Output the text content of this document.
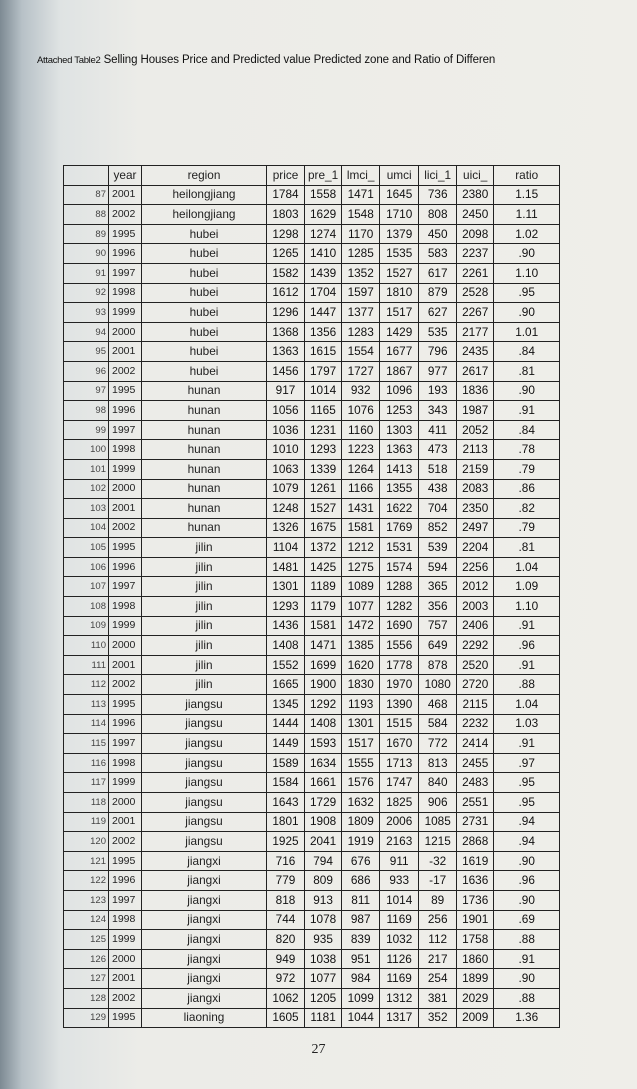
Attached Table2 Selling Houses Price and Predicted value Predicted zone and Ratio of Differen
	year	region	price	pre_1	lmci_	umci	lici_1	uici_	ratio
87	2001	heilongjiang	1784	1558	1471	1645	736	2380	1.15
88	2002	heilongjiang	1803	1629	1548	1710	808	2450	1.11
89	1995	hubei	1298	1274	1170	1379	450	2098	1.02
90	1996	hubei	1265	1410	1285	1535	583	2237	.90
91	1997	hubei	1582	1439	1352	1527	617	2261	1.10
92	1998	hubei	1612	1704	1597	1810	879	2528	.95
93	1999	hubei	1296	1447	1377	1517	627	2267	.90
94	2000	hubei	1368	1356	1283	1429	535	2177	1.01
95	2001	hubei	1363	1615	1554	1677	796	2435	.84
96	2002	hubei	1456	1797	1727	1867	977	2617	.81
97	1995	hunan	917	1014	932	1096	193	1836	.90
98	1996	hunan	1056	1165	1076	1253	343	1987	.91
99	1997	hunan	1036	1231	1160	1303	411	2052	.84
100	1998	hunan	1010	1293	1223	1363	473	2113	.78
101	1999	hunan	1063	1339	1264	1413	518	2159	.79
102	2000	hunan	1079	1261	1166	1355	438	2083	.86
103	2001	hunan	1248	1527	1431	1622	704	2350	.82
104	2002	hunan	1326	1675	1581	1769	852	2497	.79
105	1995	jilin	1104	1372	1212	1531	539	2204	.81
106	1996	jilin	1481	1425	1275	1574	594	2256	1.04
107	1997	jilin	1301	1189	1089	1288	365	2012	1.09
108	1998	jilin	1293	1179	1077	1282	356	2003	1.10
109	1999	jilin	1436	1581	1472	1690	757	2406	.91
110	2000	jilin	1408	1471	1385	1556	649	2292	.96
111	2001	jilin	1552	1699	1620	1778	878	2520	.91
112	2002	jilin	1665	1900	1830	1970	1080	2720	.88
113	1995	jiangsu	1345	1292	1193	1390	468	2115	1.04
114	1996	jiangsu	1444	1408	1301	1515	584	2232	1.03
115	1997	jiangsu	1449	1593	1517	1670	772	2414	.91
116	1998	jiangsu	1589	1634	1555	1713	813	2455	.97
117	1999	jiangsu	1584	1661	1576	1747	840	2483	.95
118	2000	jiangsu	1643	1729	1632	1825	906	2551	.95
119	2001	jiangsu	1801	1908	1809	2006	1085	2731	.94
120	2002	jiangsu	1925	2041	1919	2163	1215	2868	.94
121	1995	jiangxi	716	794	676	911	-32	1619	.90
122	1996	jiangxi	779	809	686	933	-17	1636	.96
123	1997	jiangxi	818	913	811	1014	89	1736	.90
124	1998	jiangxi	744	1078	987	1169	256	1901	.69
125	1999	jiangxi	820	935	839	1032	112	1758	.88
126	2000	jiangxi	949	1038	951	1126	217	1860	.91
127	2001	jiangxi	972	1077	984	1169	254	1899	.90
128	2002	jiangxi	1062	1205	1099	1312	381	2029	.88
129	1995	liaoning	1605	1181	1044	1317	352	2009	1.36
27
